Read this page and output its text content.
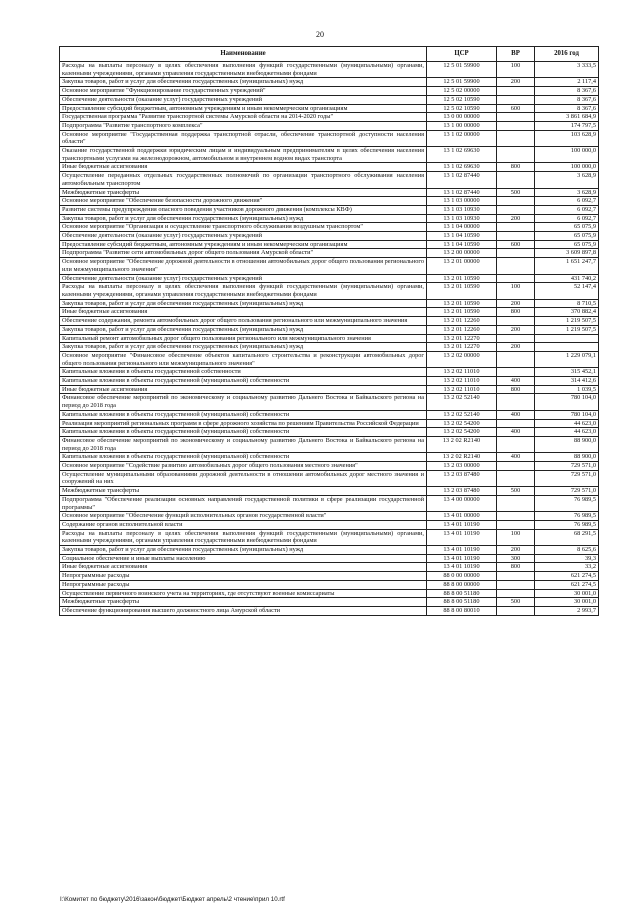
20
Наименование	ЦСР	ВР	2016 год
Расходы на выплаты персоналу в целях обеспечения выполнения функций государственными (муниципальными) органами, казенными учреждениями, органами управления государственными внебюджетными фондами	12 5 01 59900	100	3 333,5
Закупка товаров, работ и услуг для обеспечения государственных (муниципальных) нужд	12 5 01 59900	200	2 117,4
Основное мероприятие "Функционирование государственных учреждений"	12 5 02 00000		8 367,6
Обеспечение деятельности (оказание услуг) государственных учреждений	12 5 02 10590		8 367,6
Предоставление субсидий бюджетным, автономным учреждениям и иным некоммерческим организациям	12 5 02 10590	600	8 367,6
Государственная программа "Развитие транспортной системы Амурской области на 2014-2020 годы"	13 0 00 00000		3 861 684,9
Подпрограмма "Развитие транспортного комплекса"	13 1 00 00000		174 797,5
Основное мероприятие "Государственная поддержка транспортной отрасли, обеспечение транспортной доступности населения области"	13 1 02 00000		103 628,9
Оказание государственной поддержки юридическим лицам и индивидуальным предпринимателям в целях обеспечения населения транспортными услугами на железнодорожном, автомобильном и внутреннем водном видах транспорта	13 1 02 69630		100 000,0
Иные бюджетные ассигнования	13 1 02 69630	800	100 000,0
Осуществление переданных отдельных государственных полномочий по организации транспортного обслуживания населения автомобильным транспортом	13 1 02 87440		3 628,9
Межбюджетные трансферты	13 1 02 87440	500	3 628,9
Основное мероприятие "Обеспечение безопасности дорожного движения"	13 1 03 00000		6 092,7
Развитие системы предупреждения опасного поведения участников дорожного движения (комплексы КВФ)	13 1 03 10930		6 092,7
Закупка товаров, работ и услуг для обеспечения государственных (муниципальных) нужд	13 1 03 10930	200	6 092,7
Основное мероприятие "Организация и осуществление транспортного обслуживания воздушным транспортом"	13 1 04 00000		65 075,9
Обеспечение деятельности (оказание услуг) государственных учреждений	13 1 04 10590		65 075,9
Предоставление субсидий бюджетным, автономным учреждениям и иным некоммерческим организациям	13 1 04 10590	600	65 075,9
Подпрограмма "Развитие сети автомобильных дорог общего пользования Амурской области"	13 2 00 00000		3 609 897,8
Основное мероприятие "Обеспечение дорожной деятельности в отношении автомобильных дорог общего пользования регионального или межмуниципального значения"	13 2 01 00000		1 651 247,7
Обеспечение деятельности (оказание услуг) государственных учреждений	13 2 01 10590		431 740,2
Расходы на выплаты персоналу в целях обеспечения выполнения функций государственными (муниципальными) органами, казенными учреждениями, органами управления государственными внебюджетными фондами	13 2 01 10590	100	52 147,4
Закупка товаров, работ и услуг для обеспечения государственных (муниципальных) нужд	13 2 01 10590	200	8 710,5
Иные бюджетные ассигнования	13 2 01 10590	800	370 882,4
Обеспечение содержания, ремонта автомобильных дорог общего пользования регионального или межмуниципального значения	13 2 01 12260		1 219 507,5
Закупка товаров, работ и услуг для обеспечения государственных (муниципальных) нужд	13 2 01 12260	200	1 219 507,5
Капитальный ремонт автомобильных дорог общего пользования регионального или межмуниципального значения	13 2 01 12270		
Закупка товаров, работ и услуг для обеспечения государственных (муниципальных) нужд	13 2 01 12270	200	
Основное мероприятие "Финансовое обеспечение объектов капитального строительства и реконструкции автомобильных дорог общего пользования регионального или межмуниципального значения"	13 2 02 00000		1 229 079,1
Капитальные вложения в объекты государственной собственности	13 2 02 11010		315 452,1
Капитальные вложения в объекты государственной (муниципальной) собственности	13 2 02 11010	400	314 412,6
Иные бюджетные ассигнования	13 2 02 11010	800	1 039,5
Финансовое обеспечение мероприятий по экономическому и социальному развитию Дальнего Востока и Байкальского региона на период до 2018 года	13 2 02 52140		780 104,0
Капитальные вложения в объекты государственной (муниципальной) собственности	13 2 02 52140	400	780 104,0
Реализация мероприятий региональных программ в сфере дорожного хозяйства по решениям Правительства Российской Федерации	13 2 02 54200		44 623,0
Капитальные вложения в объекты государственной (муниципальной) собственности	13 2 02 54200	400	44 623,0
Финансовое обеспечение мероприятий по экономическому и социальному развитию Дальнего Востока и Байкальского региона на период до 2018 года	13 2 02 R2140		88 900,0
Капитальные вложения в объекты государственной (муниципальной) собственности	13 2 02 R2140	400	88 900,0
Основное мероприятие "Содействие развитию автомобильных дорог общего пользования местного значения"	13 2 03 00000		729 571,0
Осуществление муниципальными образованиями дорожной деятельности в отношении автомобильных дорог местного значения и сооружений на них	13 2 03 87480		729 571,0
Межбюджетные трансферты	13 2 03 87480	500	729 571,0
Подпрограмма "Обеспечение реализации основных направлений государственной политики в сфере реализации государственной программы"	13 4 00 00000		76 989,5
Основное мероприятие "Обеспечение функций исполнительных органов государственной власти"	13 4 01 00000		76 989,5
Содержание органов исполнительной власти	13 4 01 10190		76 989,5
Расходы на выплаты персоналу в целях обеспечения выполнения функций государственными (муниципальными) органами, казенными учреждениями, органами управления государственными внебюджетными фондами	13 4 01 10190	100	68 291,5
Закупка товаров, работ и услуг для обеспечения государственных (муниципальных) нужд	13 4 01 10190	200	8 625,6
Социальное обеспечение и иные выплаты населению	13 4 01 10190	300	39,3
Иные бюджетные ассигнования	13 4 01 10190	800	33,2
Непрограммные расходы	88 0 00 00000		621 274,5
Непрограммные расходы	88 8 00 00000		621 274,5
Осуществление первичного воинского учета на территориях, где отсутствуют военные комиссариаты	88 8 00 51180		30 001,0
Межбюджетные трансферты	88 8 00 51180	500	30 001,0
Обеспечение функционирования высшего должностного лица Амурской области	88 8 00 80010		2 993,7
I:\Комитет по бюджету\2016\закон\бюджет\Бюджет апрель\2 чтение\прил 10.rtf
